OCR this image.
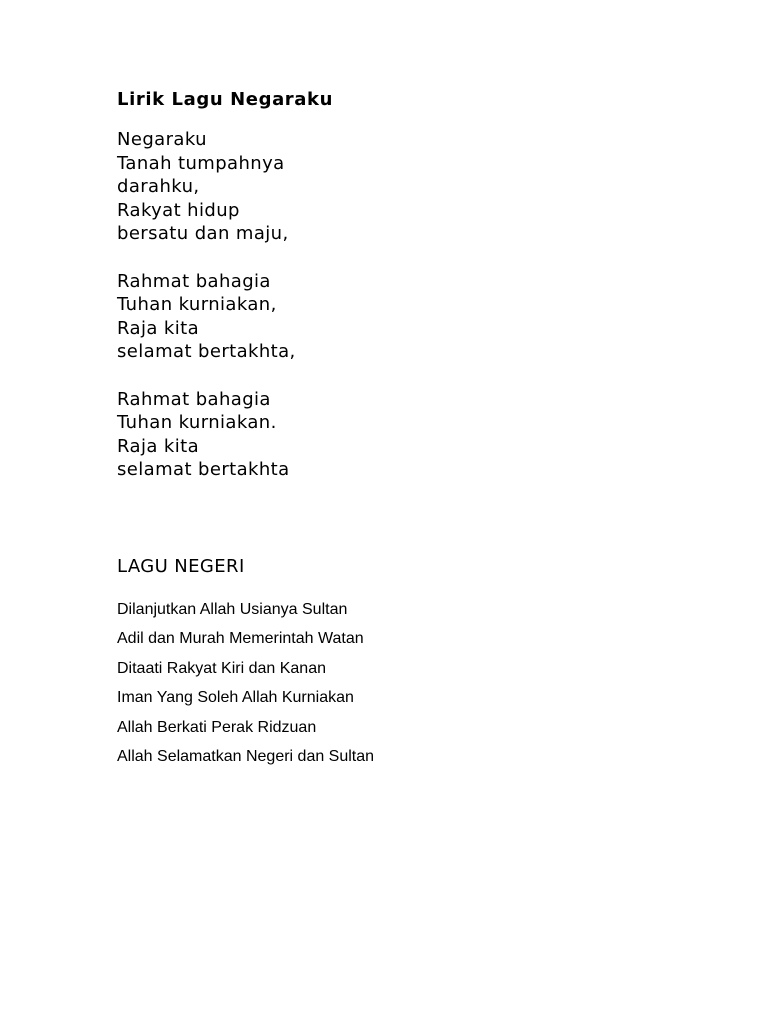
Lirik Lagu Negaraku

Negaraku
Tanah tumpahnya
darahku,
Rakyat hidup
bersatu dan maju,

Rahmat bahagia
Tuhan kurniakan,
Raja kita
selamat bertakhta,

Rahmat bahagia
Tuhan kurniakan.
Raja kita
selamat bertakhta

LAGU NEGERI
Dilanjutkan Allah Usianya Sultan
Adil dan Murah Memerintah Watan
Ditaati Rakyat Kiri dan Kanan
Iman Yang Soleh Allah Kurniakan
Allah Berkati Perak Ridzuan
Allah Selamatkan Negeri dan Sultan
